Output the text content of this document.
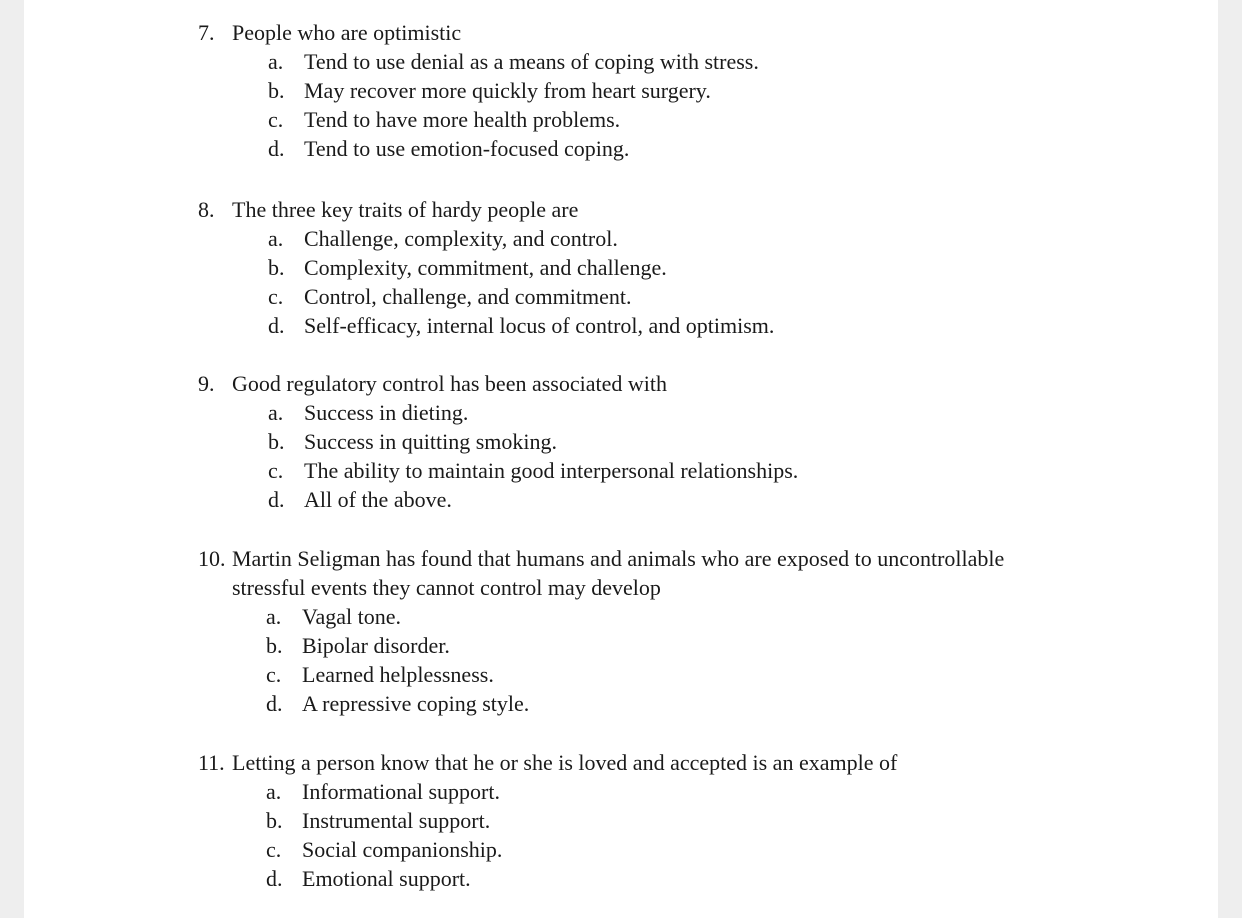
7. People who are optimistic
a. Tend to use denial as a means of coping with stress.
b. May recover more quickly from heart surgery.
c. Tend to have more health problems.
d. Tend to use emotion-focused coping.
8. The three key traits of hardy people are
a. Challenge, complexity, and control.
b. Complexity, commitment, and challenge.
c. Control, challenge, and commitment.
d. Self-efficacy, internal locus of control, and optimism.
9. Good regulatory control has been associated with
a. Success in dieting.
b. Success in quitting smoking.
c. The ability to maintain good interpersonal relationships.
d. All of the above.
10. Martin Seligman has found that humans and animals who are exposed to uncontrollable
stressful events they cannot control may develop
a. Vagal tone.
b. Bipolar disorder.
c. Learned helplessness.
d. A repressive coping style.
11. Letting a person know that he or she is loved and accepted is an example of
a. Informational support.
b. Instrumental support.
c. Social companionship.
d. Emotional support.
